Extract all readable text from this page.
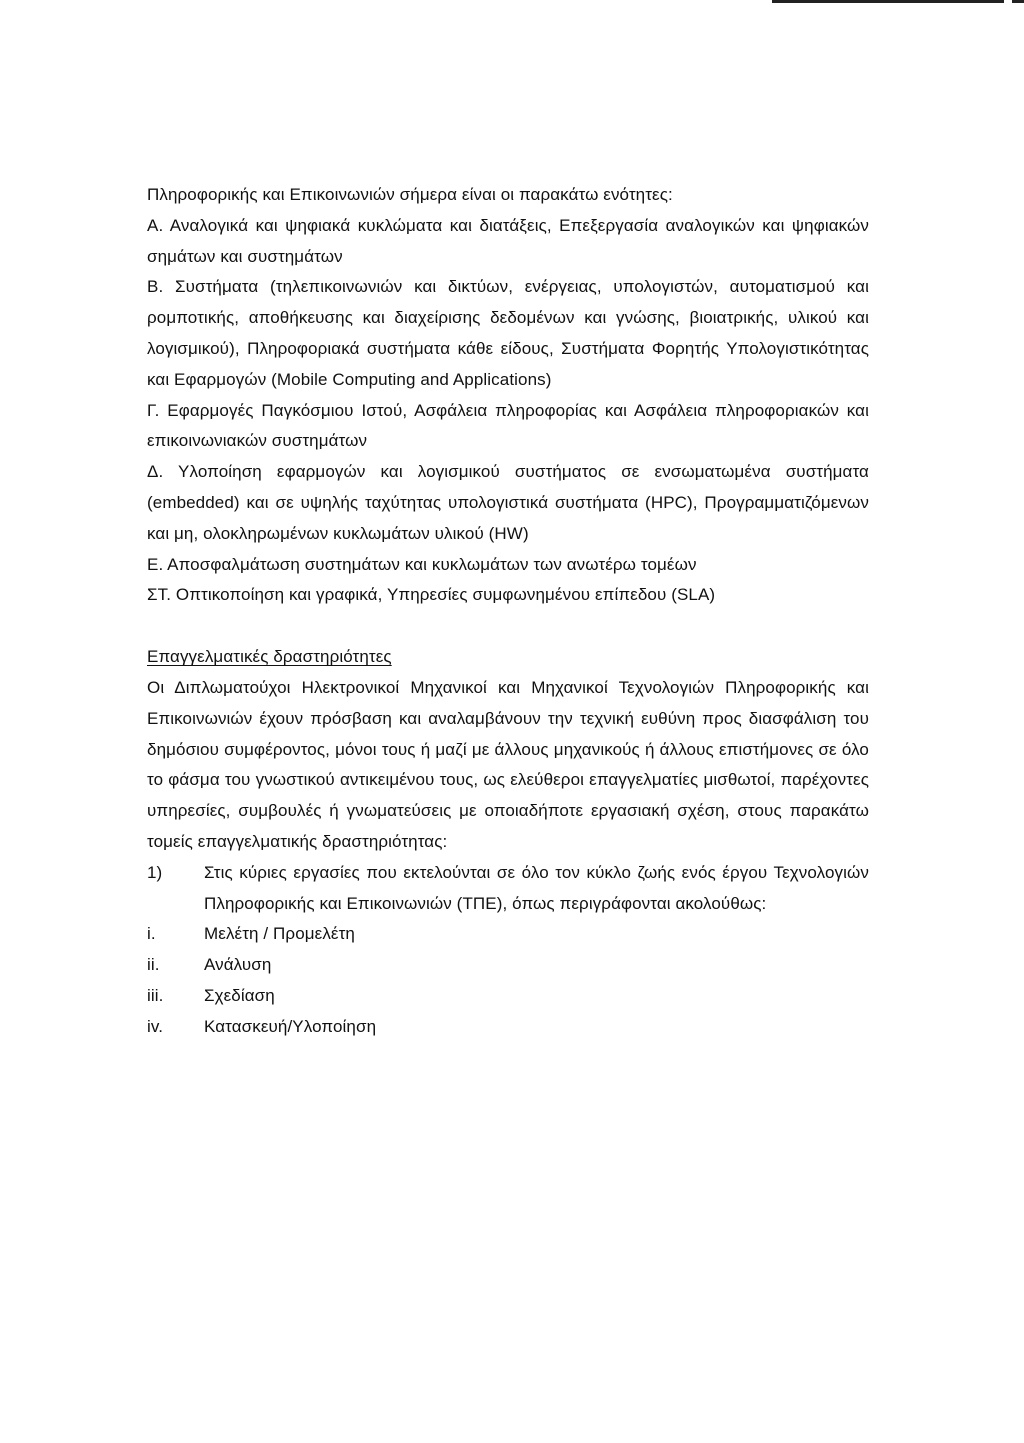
Πληροφορικής και Επικοινωνιών σήμερα είναι οι παρακάτω ενότητες:

Α. Αναλογικά και ψηφιακά κυκλώματα και διατάξεις, Επεξεργασία αναλογικών και ψηφιακών σημάτων και συστημάτων

Β. Συστήματα (τηλεπικοινωνιών και δικτύων, ενέργειας, υπολογιστών, αυτοματισμού και ρομποτικής, αποθήκευσης και διαχείρισης δεδομένων και γνώσης, βιοιατρικής, υλικού και λογισμικού), Πληροφοριακά συστήματα κάθε είδους, Συστήματα Φορητής Υπολογιστικότητας και Εφαρμογών (Mobile Computing and Applications)

Γ. Εφαρμογές Παγκόσμιου Ιστού, Ασφάλεια πληροφορίας και Ασφάλεια πληροφοριακών και επικοινωνιακών συστημάτων

Δ. Υλοποίηση εφαρμογών και λογισμικού συστήματος σε ενσωματωμένα συστήματα (embedded) και σε υψηλής ταχύτητας υπολογιστικά συστήματα (HPC), Προγραμματιζόμενων και μη, ολοκληρωμένων κυκλωμάτων υλικού (HW)

Ε. Αποσφαλμάτωση συστημάτων και κυκλωμάτων των ανωτέρω τομέων

ΣΤ. Οπτικοποίηση και γραφικά, Υπηρεσίες συμφωνημένου επίπεδου (SLA)

Επαγγελματικές δραστηριότητες

Οι Διπλωματούχοι Ηλεκτρονικοί Μηχανικοί και Μηχανικοί Τεχνολογιών Πληροφορικής και Επικοινωνιών έχουν πρόσβαση και αναλαμβάνουν την τεχνική ευθύνη προς διασφάλιση του δημόσιου συμφέροντος, μόνοι τους ή μαζί με άλλους μηχανικούς ή άλλους επιστήμονες σε όλο το φάσμα του γνωστικού αντικειμένου τους, ως ελεύθεροι επαγγελματίες μισθωτοί, παρέχοντες υπηρεσίες, συμβουλές ή γνωματεύσεις με οποιαδήποτε εργασιακή σχέση, στους παρακάτω τομείς επαγγελματικής δραστηριότητας:

1) Στις κύριες εργασίες που εκτελούνται σε όλο τον κύκλο ζωής ενός έργου Τεχνολογιών Πληροφορικής και Επικοινωνιών (ΤΠΕ), όπως περιγράφονται ακολούθως:
i.	Μελέτη / Προμελέτη
ii.	Ανάλυση
iii. Σχεδίαση
iv. Κατασκευή/Υλοποίηση
